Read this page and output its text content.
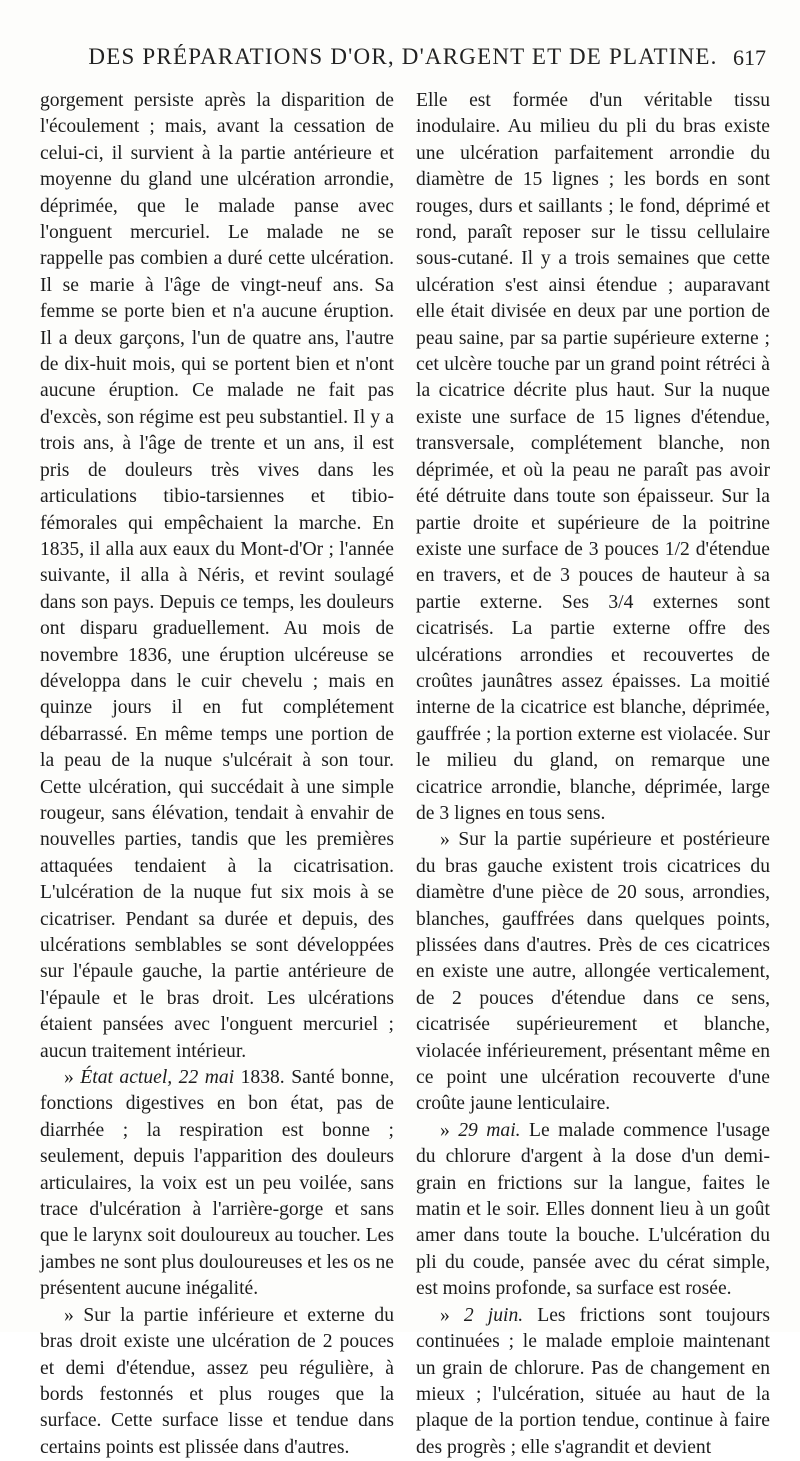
DES PRÉPARATIONS D'OR, D'ARGENT ET DE PLATINE. 617

gorgement persiste après la disparition de l'écoulement ; mais, avant la cessation de celui-ci, il survient à la partie antérieure et moyenne du gland une ulcération arrondie, déprimée, que le malade panse avec l'onguent mercuriel. Le malade ne se rappelle pas combien a duré cette ulcération. Il se marie à l'âge de vingt-neuf ans. Sa femme se porte bien et n'a aucune éruption. Il a deux garçons, l'un de quatre ans, l'autre de dix-huit mois, qui se portent bien et n'ont aucune éruption. Ce malade ne fait pas d'excès, son régime est peu substantiel. Il y a trois ans, à l'âge de trente et un ans, il est pris de douleurs très vives dans les articulations tibio-tarsiennes et tibio-fémorales qui empêchaient la marche. En 1835, il alla aux eaux du Mont-d'Or ; l'année suivante, il alla à Néris, et revint soulagé dans son pays. Depuis ce temps, les douleurs ont disparu graduellement. Au mois de novembre 1836, une éruption ulcéreuse se développa dans le cuir chevelu ; mais en quinze jours il en fut complétement débarrassé. En même temps une portion de la peau de la nuque s'ulcérait à son tour. Cette ulcération, qui succédait à une simple rougeur, sans élévation, tendait à envahir de nouvelles parties, tandis que les premières attaquées tendaient à la cicatrisation. L'ulcération de la nuque fut six mois à se cicatriser. Pendant sa durée et depuis, des ulcérations semblables se sont développées sur l'épaule gauche, la partie antérieure de l'épaule et le bras droit. Les ulcérations étaient pansées avec l'onguent mercuriel ; aucun traitement intérieur.

» État actuel, 22 mai 1838. Santé bonne, fonctions digestives en bon état, pas de diarrhée ; la respiration est bonne ; seulement, depuis l'apparition des douleurs articulaires, la voix est un peu voilée, sans trace d'ulcération à l'arrière-gorge et sans que le larynx soit douloureux au toucher. Les jambes ne sont plus douloureuses et les os ne présentent aucune inégalité.

» Sur la partie inférieure et externe du bras droit existe une ulcération de 2 pouces et demi d'étendue, assez peu régulière, à bords festonnés et plus rouges que la surface. Cette surface lisse et tendue dans certains points est plissée dans d'autres.

Elle est formée d'un véritable tissu inodulaire. Au milieu du pli du bras existe une ulcération parfaitement arrondie du diamètre de 15 lignes ; les bords en sont rouges, durs et saillants ; le fond, déprimé et rond, paraît reposer sur le tissu cellulaire sous-cutané. Il y a trois semaines que cette ulcération s'est ainsi étendue ; auparavant elle était divisée en deux par une portion de peau saine, par sa partie supérieure externe ; cet ulcère touche par un grand point rétréci à la cicatrice décrite plus haut. Sur la nuque existe une surface de 15 lignes d'étendue, transversale, complétement blanche, non déprimée, et où la peau ne paraît pas avoir été détruite dans toute son épaisseur. Sur la partie droite et supérieure de la poitrine existe une surface de 3 pouces 1/2 d'étendue en travers, et de 3 pouces de hauteur à sa partie externe. Ses 3/4 externes sont cicatrisés. La partie externe offre des ulcérations arrondies et recouvertes de croûtes jaunâtres assez épaisses. La moitié interne de la cicatrice est blanche, déprimée, gauffrée ; la portion externe est violacée. Sur le milieu du gland, on remarque une cicatrice arrondie, blanche, déprimée, large de 3 lignes en tous sens.

» Sur la partie supérieure et postérieure du bras gauche existent trois cicatrices du diamètre d'une pièce de 20 sous, arrondies, blanches, gauffrées dans quelques points, plissées dans d'autres. Près de ces cicatrices en existe une autre, allongée verticalement, de 2 pouces d'étendue dans ce sens, cicatrisée supérieurement et blanche, violacée inférieurement, présentant même en ce point une ulcération recouverte d'une croûte jaune lenticulaire.

» 29 mai. Le malade commence l'usage du chlorure d'argent à la dose d'un demi-grain en frictions sur la langue, faites le matin et le soir. Elles donnent lieu à un goût amer dans toute la bouche. L'ulcération du pli du coude, pansée avec du cérat simple, est moins profonde, sa surface est rosée.

» 2 juin. Les frictions sont toujours continuées ; le malade emploie maintenant un grain de chlorure. Pas de changement en mieux ; l'ulcération, située au haut de la plaque de la portion tendue, continue à faire des progrès ; elle s'agrandit et devient
